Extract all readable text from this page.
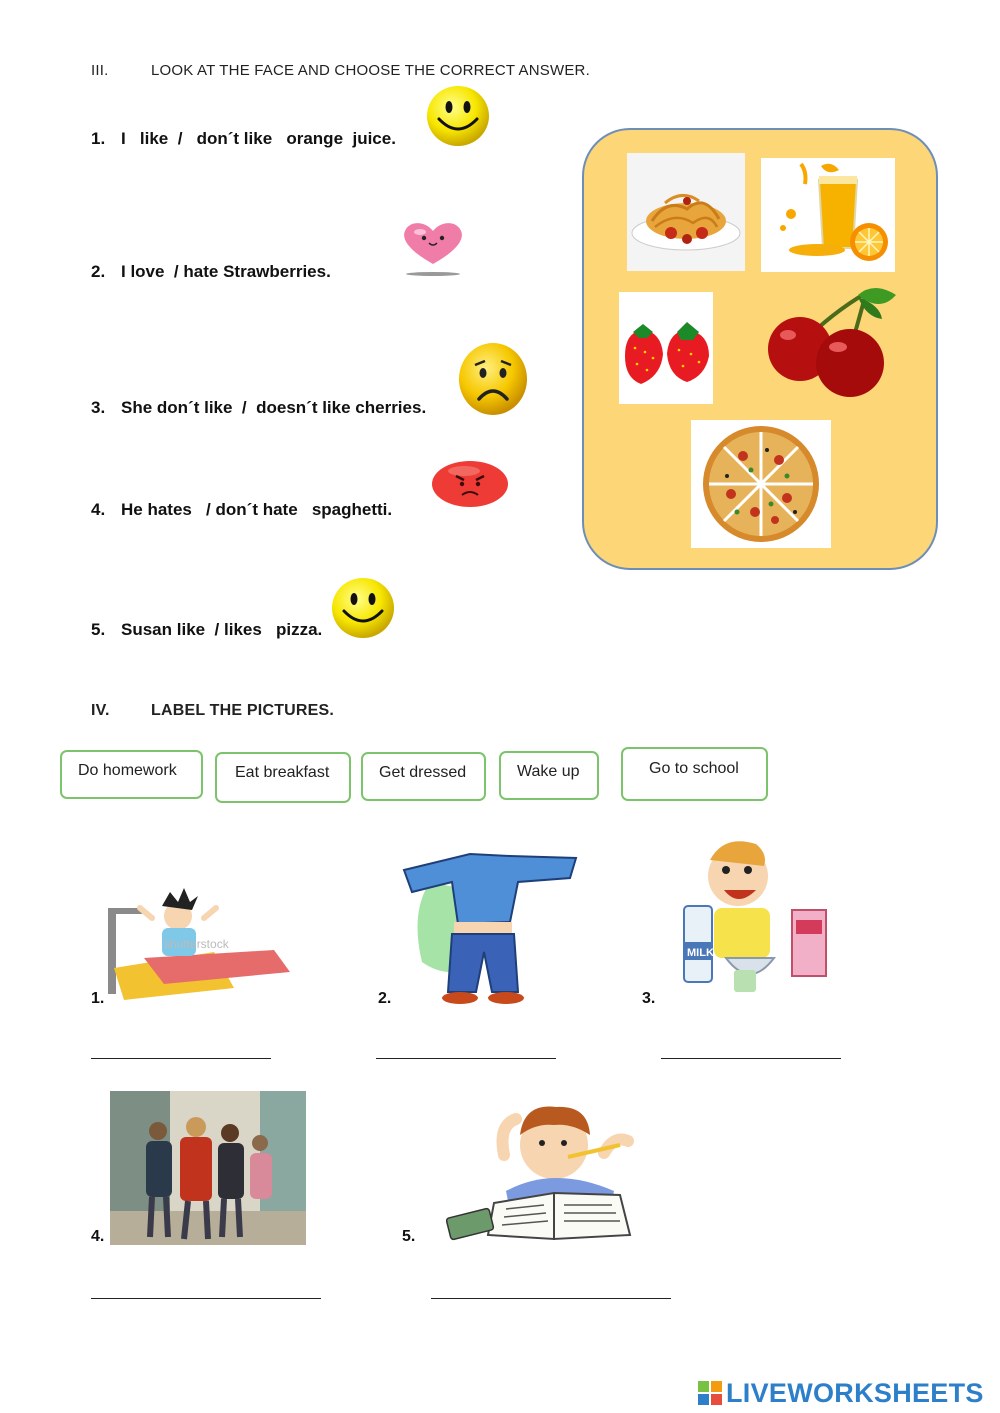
III.	LOOK AT THE FACE AND CHOOSE THE CORRECT ANSWER.
1. I   like  /   don´t like   orange  juice.
2. I love  / hate Strawberries.
3. She don´t like  /  doesn´t like cherries.
4. He hates   / don´t hate   spaghetti.
5. Susan like  / likes   pizza.
IV.	LABEL THE PICTURES.
Do homework	Eat breakfast	Get dressed	Wake up	Go to school
shutterstock
1.	2.
MILK
3.
4.	5.
LIVEWORKSHEETS
